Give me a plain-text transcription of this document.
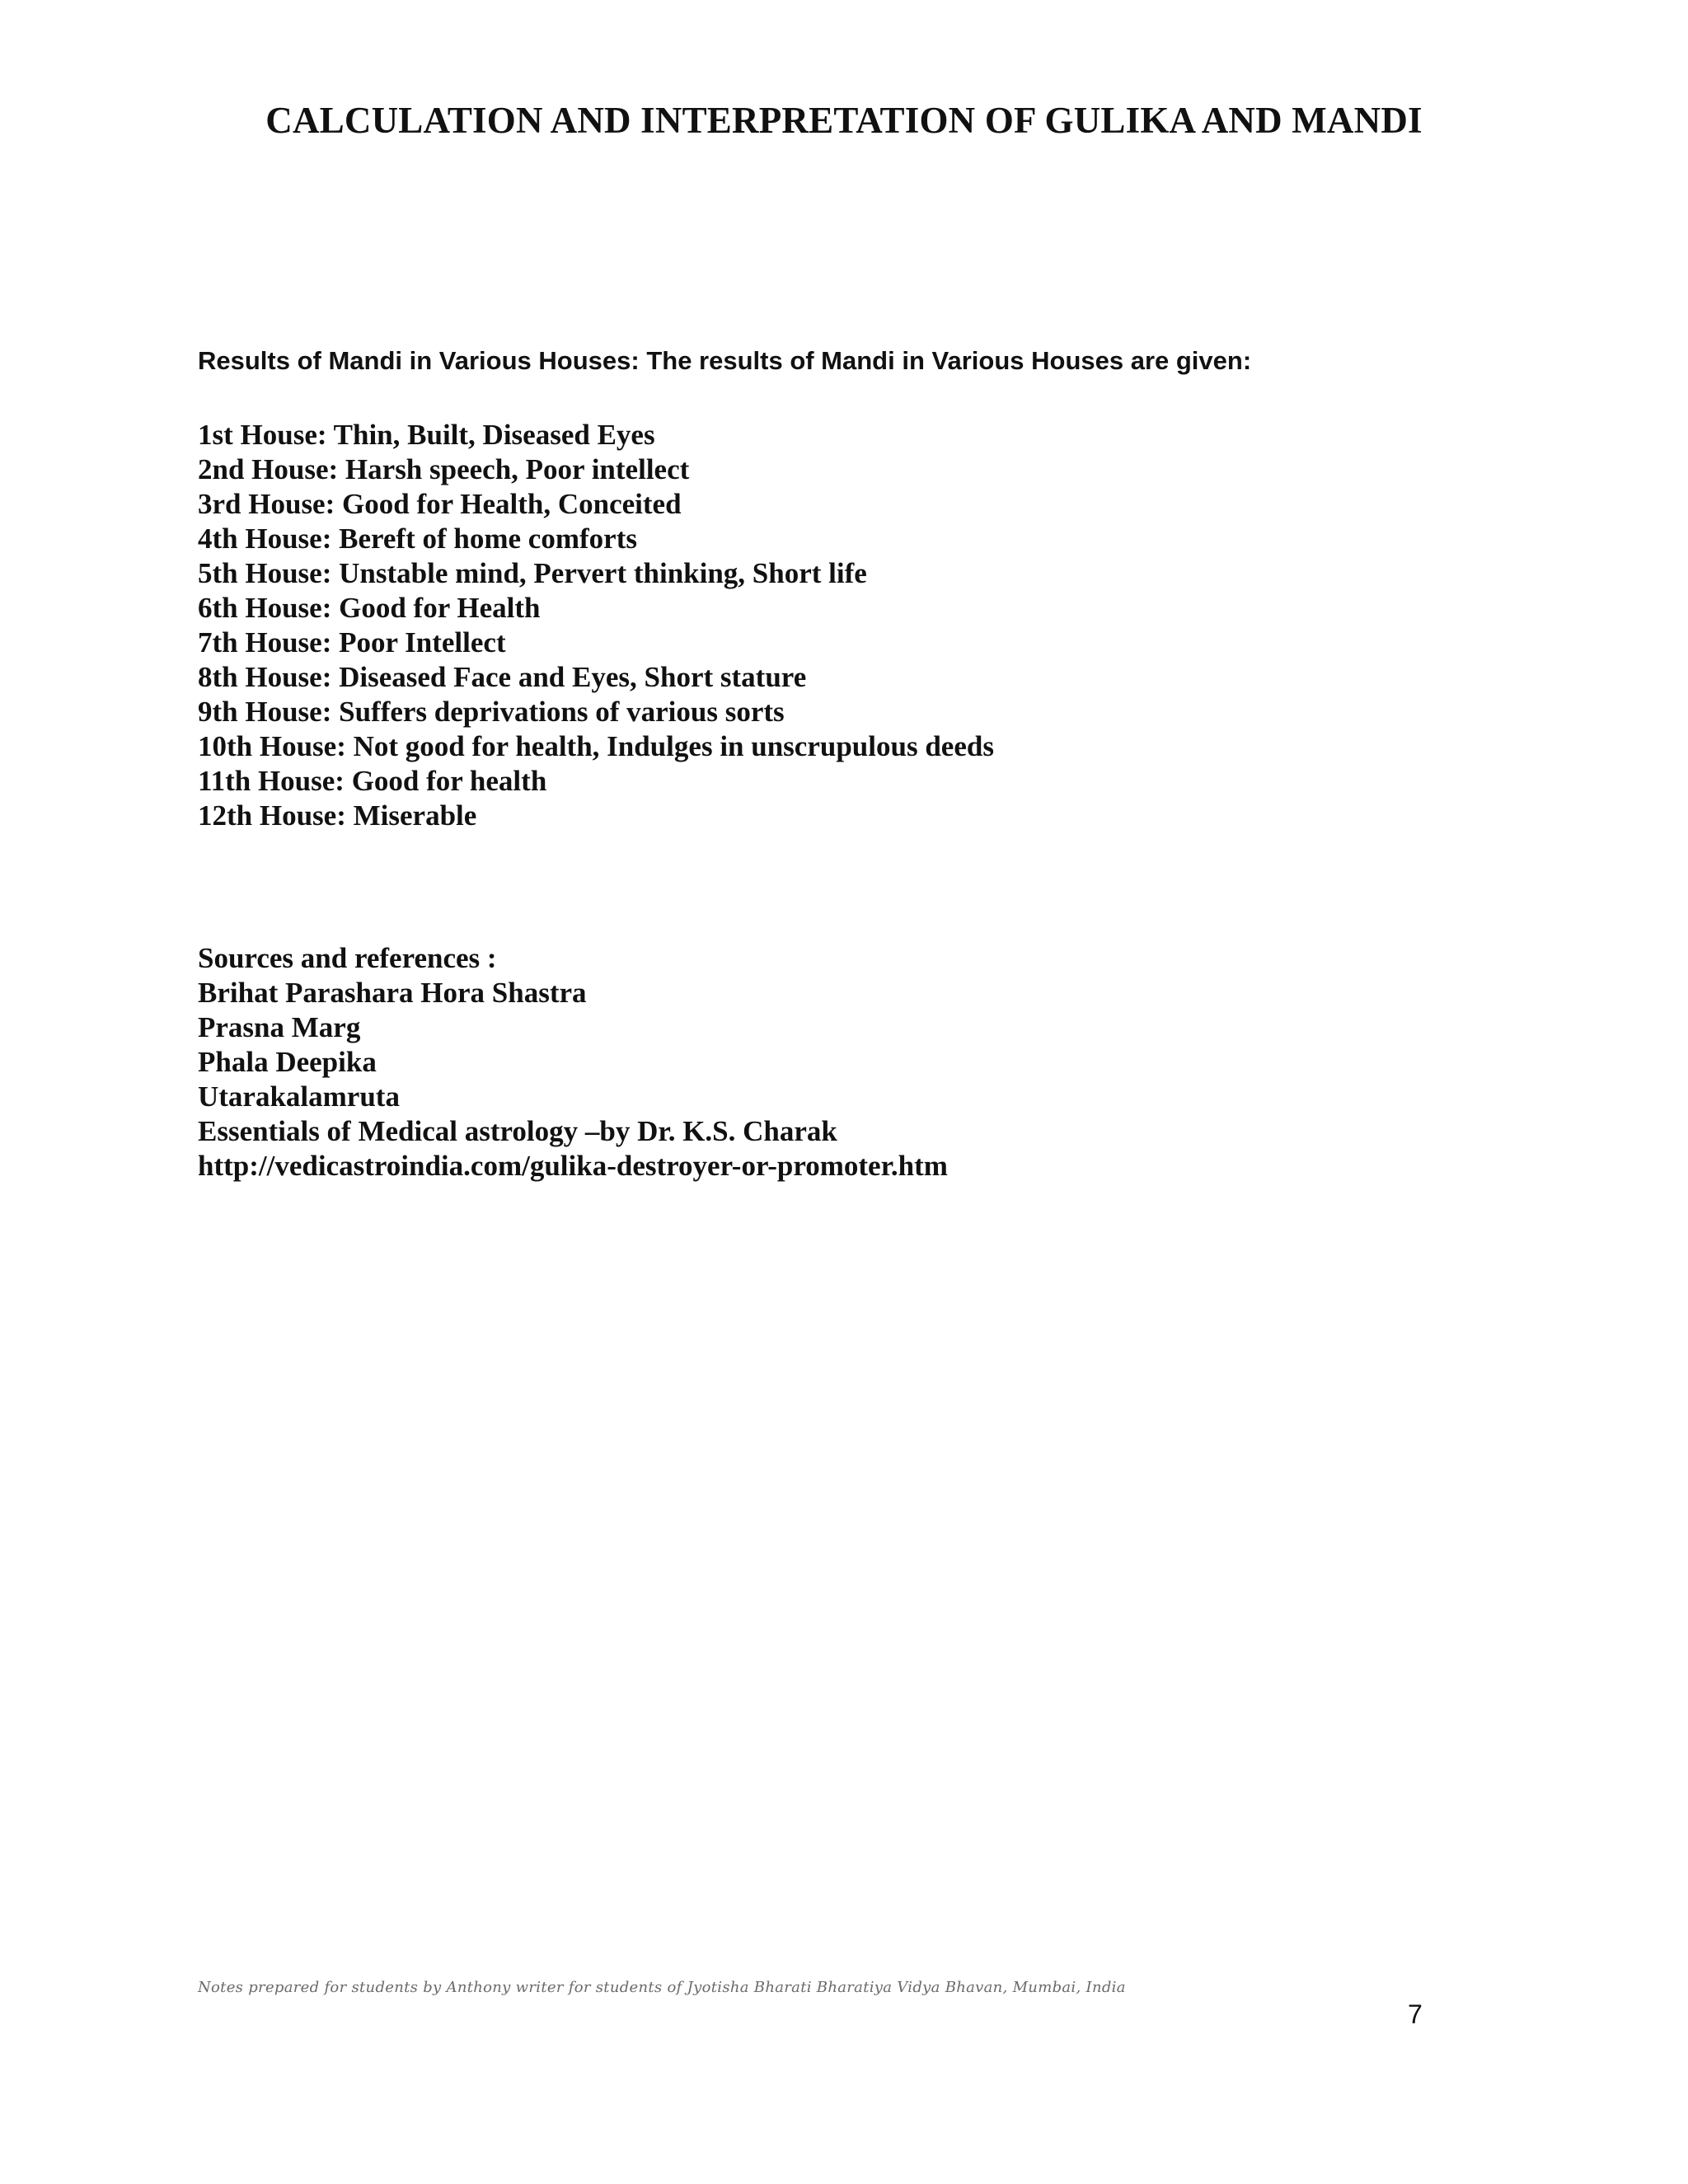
CALCULATION AND INTERPRETATION OF GULIKA AND MANDI

Results of Mandi in Various Houses: The results of Mandi in Various Houses are given:

1st House: Thin, Built, Diseased Eyes
2nd House: Harsh speech, Poor intellect
3rd House: Good for Health, Conceited
4th House: Bereft of home comforts
5th House: Unstable mind, Pervert thinking, Short life
6th House: Good for Health
7th House: Poor Intellect
8th House: Diseased Face and Eyes, Short stature
9th House: Suffers deprivations of various sorts
10th House: Not good for health, Indulges in unscrupulous deeds
11th House: Good for health
12th House: Miserable
Sources and references :
Brihat Parashara Hora Shastra
Prasna Marg
Phala Deepika
Utarakalamruta
Essentials of Medical astrology –by Dr. K.S. Charak
http://vedicastroindia.com/gulika-destroyer-or-promoter.htm
Notes prepared for students by Anthony writer for students of Jyotisha Bharati Bharatiya Vidya Bhavan, Mumbai, India
7
